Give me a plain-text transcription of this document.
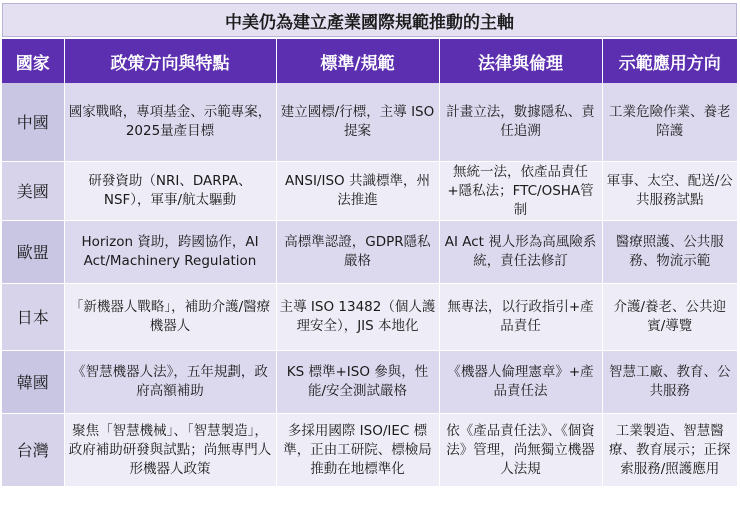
中美仍為建立產業國際規範推動的主軸
國家	政策方向與特點	標準/規範	法律與倫理	示範應用方向
中國	國家戰略，專項基金、示範專案，2025量產目標	建立國標/行標，主導 ISO 提案	計畫立法，數據隱私、責任追溯	工業危險作業、養老陪護
美國	研發資助（NRI、DARPA、NSF），軍事/航太驅動	ANSI/ISO 共識標準，州法推進	無統一法，依產品責任+隱私法；FTC/OSHA管制	軍事、太空、配送/公共服務試點
歐盟	Horizon 資助，跨國協作，AI Act/Machinery Regulation	高標準認證，GDPR隱私嚴格	AI Act 視人形為高風險系統，責任法修訂	醫療照護、公共服務、物流示範
日本	「新機器人戰略」，補助介護/醫療機器人	主導 ISO 13482（個人護理安全），JIS 本地化	無專法，以行政指引+產品責任	介護/養老、公共迎賓/導覽
韓國	《智慧機器人法》，五年規劃，政府高額補助	KS 標準+ISO 參與，性能/安全測試嚴格	《機器人倫理憲章》+產品責任法	智慧工廠、教育、公共服務
台灣	聚焦「智慧機械」、「智慧製造」，政府補助研發與試點；尚無專門人形機器人政策	多採用國際 ISO/IEC 標準，正由工研院、標檢局推動在地標準化	依《產品責任法》、《個資法》管理，尚無獨立機器人法規	工業製造、智慧醫療、教育展示；正探索服務/照護應用
